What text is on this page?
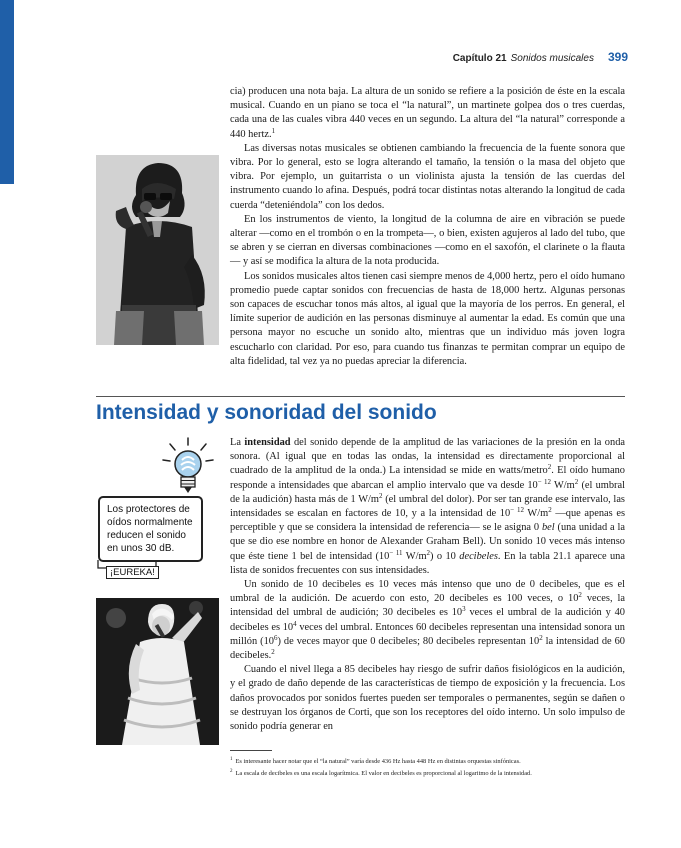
Capítulo 21 Sonidos musicales 399

cia) producen una nota baja. La altura de un sonido se refiere a la posición de éste en la escala musical. Cuando en un piano se toca el “la natural”, un martinete golpea dos o tres cuerdas, cada una de las cuales vibra 440 veces en un segundo. La altura del “la natural” corresponde a 440 hertz.$^1$

Las diversas notas musicales se obtienen cambiando la frecuencia de la fuente sonora que vibra. Por lo general, esto se logra alterando el tamaño, la tensión o la masa del objeto que vibra. Por ejemplo, un guitarrista o un violinista ajusta la tensión de las cuerdas del instrumento cuando lo afina. Después, podrá tocar distintas notas alterando la longitud de cada cuerda “deteniéndola” con los dedos.

En los instrumentos de viento, la longitud de la columna de aire en vibración se puede alterar —como en el trombón o en la trompeta—, o bien, existen agujeros al lado del tubo, que se abren y se cierran en diversas combinaciones —como en el saxofón, el clarinete o la flauta— y así se modifica la altura de la nota producida.

Los sonidos musicales altos tienen casi siempre menos de 4,000 hertz, pero el oído humano promedio puede captar sonidos con frecuencias de hasta de 18,000 hertz. Algunas personas son capaces de escuchar tonos más altos, al igual que la mayoría de los perros. En general, el límite superior de audición en las personas disminuye al aumentar la edad. Es común que una persona mayor no escuche un sonido alto, mientras que un individuo más joven logra escucharlo con claridad. Por eso, para cuando tus finanzas te permitan comprar un equipo de alta fidelidad, tal vez ya no puedas apreciar la diferencia.

Intensidad y sonoridad del sonido
Los protectores de oídos normalmente reducen el sonido en unos 30 dB.
¡EUREKA!

La intensidad del sonido depende de la amplitud de las variaciones de la presión en la onda sonora. (Al igual que en todas las ondas, la intensidad es directamente proporcional al cuadrado de la amplitud de la onda.) La intensidad se mide en watts/metro$^2$. El oído humano responde a intensidades que abarcan el amplio intervalo que va desde $10^{- 12}$ $W/m^2$ (el umbral de la audición) hasta más de 1 $W/m^2$ (el umbral del dolor). Por ser tan grande ese intervalo, las intensidades se escalan en factores de 10, y a la intensidad de $10^{- 12}$ $W/m^2$ —que apenas es perceptible y que se considera la intensidad de referencia— se le asigna 0 bel (una unidad a la que se dio ese nombre en honor de Alexander Graham Bell). Un sonido 10 veces más intenso que éste tiene 1 bel de intensidad ($10^{- 11}$ $W/m^2$) o 10 decibeles. En la tabla 21.1 aparece una lista de sonidos frecuentes con sus intensidades.

Un sonido de 10 decibeles es 10 veces más intenso que uno de 0 decibeles, que es el umbral de la audición. De acuerdo con esto, 20 decibeles es 100 veces, o $10^2$ veces, la intensidad del umbral de audición; 30 decibeles es $10^3$ veces el umbral de la audición y 40 decibeles es $10^4$ veces del umbral. Entonces 60 decibeles representan una intensidad sonora un millón $(10^6)$ de veces mayor que 0 decibeles; 80 decibeles representan $10^2$ la intensidad de 60 decibeles.$^2$

Cuando el nivel llega a 85 decibeles hay riesgo de sufrir daños fisiológicos en la audición, y el grado de daño depende de las características de tiempo de exposición y la frecuencia. Los daños provocados por sonidos fuertes pueden ser temporales o permanentes, según se dañen o se destruyan los órganos de Corti, que son los receptores del oído interno. Un solo impulso de sonido podría generar en

$^1$ Es interesante hacer notar que el “la natural” varía desde 436 Hz hasta 448 Hz en distintas orquestas sinfónicas.

$^2$ La escala de decibeles es una escala logarítmica. El valor en decibeles es proporcional al logaritmo de la intensidad.
